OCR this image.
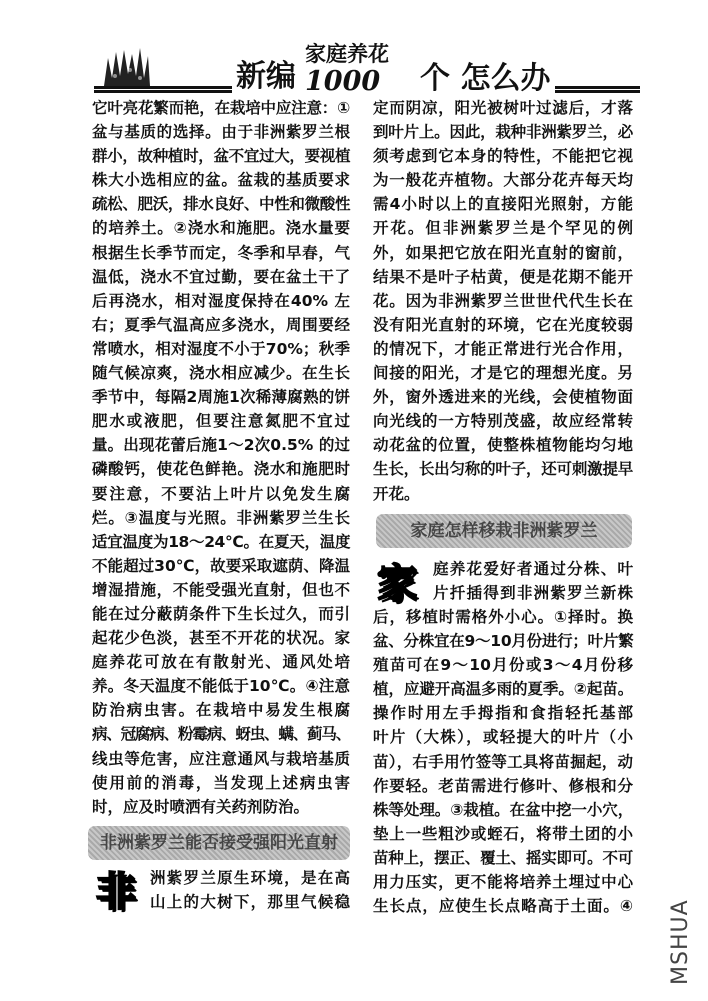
新编
家庭养花
1000 个 怎么办
它叶亮花繁而艳，在栽培中应注意：①
盆与基质的选择。由于非洲紫罗兰根
群小，故种植时，盆不宜过大，要视植
株大小选相应的盆。盆栽的基质要求
疏松、肥沃，排水良好、中性和微酸性
的培养土。②浇水和施肥。浇水量要
根据生长季节而定，冬季和早春，气
温低，浇水不宜过勤，要在盆土干了
后再浇水，相对湿度保持在40% 左
右；夏季气温高应多浇水，周围要经
常喷水，相对湿度不小于70%；秋季
随气候凉爽，浇水相应减少。在生长
季节中，每隔2周施1次稀薄腐熟的饼
肥水或液肥，但要注意氮肥不宜过
量。出现花蕾后施1～2次0.5% 的过
磷酸钙，使花色鲜艳。浇水和施肥时
要注意，不要沾上叶片以免发生腐
烂。③温度与光照。非洲紫罗兰生长
适宜温度为18～24℃。在夏天，温度
不能超过30℃，故要采取遮荫、降温
增湿措施，不能受强光直射，但也不
能在过分蔽荫条件下生长过久，而引
起花少色淡，甚至不开花的状况。家
庭养花可放在有散射光、通风处培
养。冬天温度不能低于10℃。④注意
防治病虫害。在栽培中易发生根腐
病、冠腐病、粉霉病、蚜虫、螨、蓟马、
线虫等危害，应注意通风与栽培基质
使用前的消毒，当发现上述病虫害
时，应及时喷洒有关药剂防治。
非洲紫罗兰能否接受强阳光直射
非 洲紫罗兰原生环境，是在高
山上的大树下，那里气候稳
定而阴凉，阳光被树叶过滤后，才落
到叶片上。因此，栽种非洲紫罗兰，必
须考虑到它本身的特性，不能把它视
为一般花卉植物。大部分花卉每天均
需4小时以上的直接阳光照射，方能
开花。但非洲紫罗兰是个罕见的例
外，如果把它放在阳光直射的窗前，
结果不是叶子枯黄，便是花期不能开
花。因为非洲紫罗兰世世代代生长在
没有阳光直射的环境，它在光度较弱
的情况下，才能正常进行光合作用，
间接的阳光，才是它的理想光度。另
外，窗外透进来的光线，会使植物面
向光线的一方特别茂盛，故应经常转
动花盆的位置，使整株植物能均匀地
生长，长出匀称的叶子，还可刺激提早
开花。
家庭怎样移栽非洲紫罗兰
家 庭养花爱好者通过分株、叶
片扦插得到非洲紫罗兰新株
后，移植时需格外小心。①择时。换
盆、分株宜在9～10月份进行；叶片繁
殖苗可在9～10月份或3～4月份移
植，应避开高温多雨的夏季。②起苗。
操作时用左手拇指和食指轻托基部
叶片（大株），或轻提大的叶片（小
苗），右手用竹签等工具将苗掘起，动
作要轻。老苗需进行修叶、修根和分
株等处理。③栽植。在盆中挖一小穴，
垫上一些粗沙或蛭石，将带土团的小
苗种上，摆正、覆土、摇实即可。不可
用力压实，更不能将培养土埋过中心
生长点，应使生长点略高于土面。④ MSHUA
